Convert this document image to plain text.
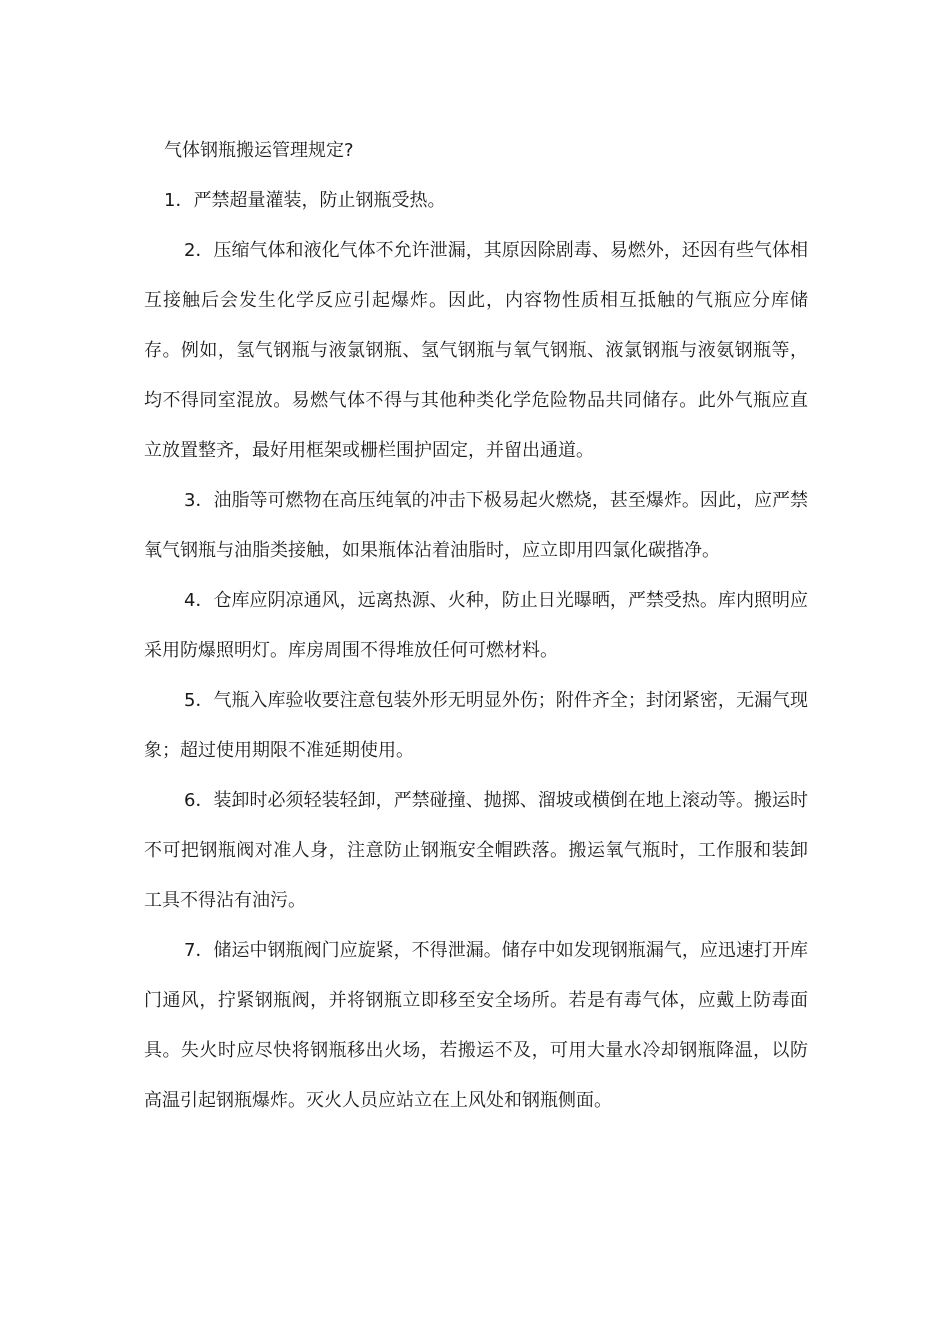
气体钢瓶搬运管理规定?

1．严禁超量灌装，防止钢瓶受热。

2．压缩气体和液化气体不允许泄漏，其原因除剧毒、易燃外，还因有些气体相互接触后会发生化学反应引起爆炸。因此，内容物性质相互抵触的气瓶应分库储存。例如，氢气钢瓶与液氯钢瓶、氢气钢瓶与氧气钢瓶、液氯钢瓶与液氨钢瓶等，均不得同室混放。易燃气体不得与其他种类化学危险物品共同储存。此外气瓶应直立放置整齐，最好用框架或栅栏围护固定，并留出通道。

3．油脂等可燃物在高压纯氧的冲击下极易起火燃烧，甚至爆炸。因此，应严禁氧气钢瓶与油脂类接触，如果瓶体沾着油脂时，应立即用四氯化碳揩净。

4．仓库应阴凉通风，远离热源、火种，防止日光曝晒，严禁受热。库内照明应采用防爆照明灯。库房周围不得堆放任何可燃材料。

5．气瓶入库验收要注意包装外形无明显外伤；附件齐全；封闭紧密，无漏气现象；超过使用期限不准延期使用。

6．装卸时必须轻装轻卸，严禁碰撞、抛掷、溜坡或横倒在地上滚动等。搬运时不可把钢瓶阀对准人身，注意防止钢瓶安全帽跌落。搬运氧气瓶时，工作服和装卸工具不得沾有油污。

7．储运中钢瓶阀门应旋紧，不得泄漏。储存中如发现钢瓶漏气，应迅速打开库门通风，拧紧钢瓶阀，并将钢瓶立即移至安全场所。若是有毒气体，应戴上防毒面具。失火时应尽快将钢瓶移出火场，若搬运不及，可用大量水冷却钢瓶降温，以防高温引起钢瓶爆炸。灭火人员应站立在上风处和钢瓶侧面。
